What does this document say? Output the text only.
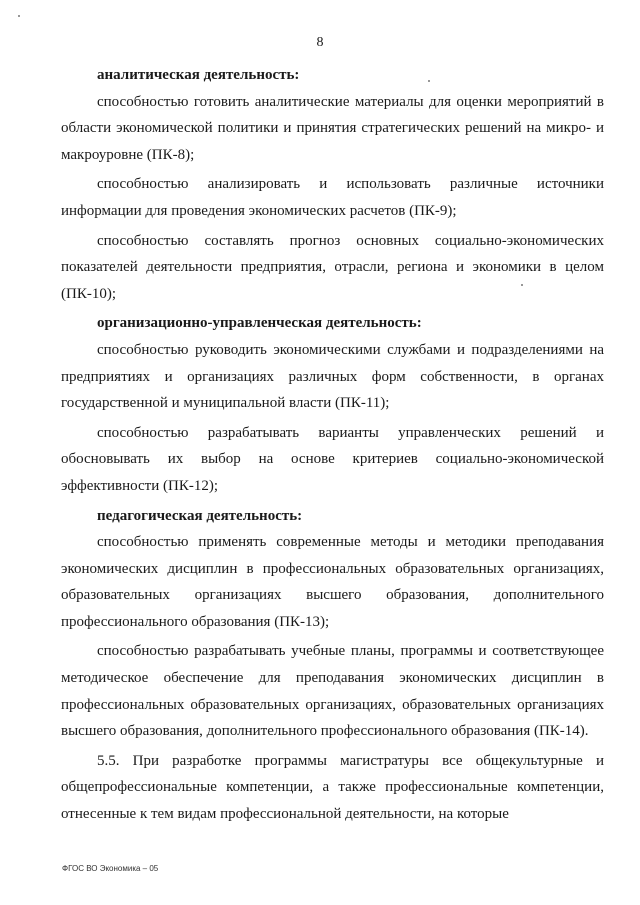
8

аналитическая деятельность:

способностью готовить аналитические материалы для оценки мероприятий в области экономической политики и принятия стратегических решений на микро- и макроуровне (ПК-8);

способностью анализировать и использовать различные источники информации для проведения экономических расчетов (ПК-9);

способностью составлять прогноз основных социально-экономических показателей деятельности предприятия, отрасли, региона и экономики в целом (ПК-10);

организационно-управленческая деятельность:

способностью руководить экономическими службами и подразделениями на предприятиях и организациях различных форм собственности, в органах государственной и муниципальной власти (ПК-11);

способностью разрабатывать варианты управленческих решений и обосновывать их выбор на основе критериев социально-экономической эффективности (ПК-12);

педагогическая деятельность:

способностью применять современные методы и методики преподавания экономических дисциплин в профессиональных образовательных организациях, образовательных организациях высшего образования, дополнительного профессионального образования (ПК-13);

способностью разрабатывать учебные планы, программы и соответствующее методическое обеспечение для преподавания экономических дисциплин в профессиональных образовательных организациях, образовательных организациях высшего образования, дополнительного профессионального образования (ПК-14).

5.5. При разработке программы магистратуры все общекультурные и общепрофессиональные компетенции, а также профессиональные компетенции, отнесенные к тем видам профессиональной деятельности, на которые

ФГОС ВО Экономика – 05
